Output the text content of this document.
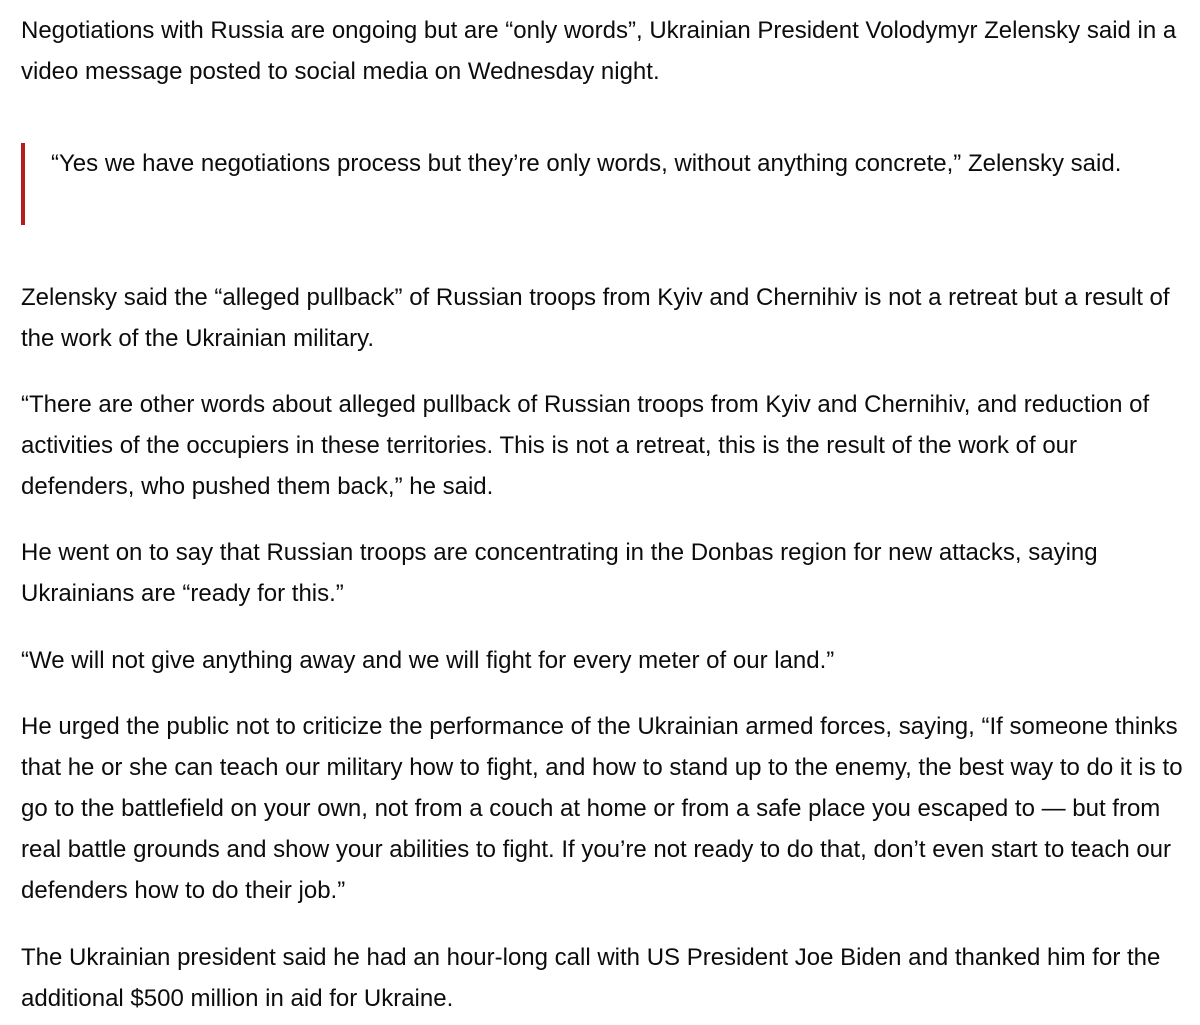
Negotiations with Russia are ongoing but are “only words”, Ukrainian President Volodymyr Zelensky said in a video message posted to social media on Wednesday night.

“Yes we have negotiations process but they’re only words, without anything concrete,” Zelensky said.

Zelensky said the “alleged pullback” of Russian troops from Kyiv and Chernihiv is not a retreat but a result of the work of the Ukrainian military.

“There are other words about alleged pullback of Russian troops from Kyiv and Chernihiv, and reduction of activities of the occupiers in these territories. This is not a retreat, this is the result of the work of our defenders, who pushed them back,” he said.

He went on to say that Russian troops are concentrating in the Donbas region for new attacks, saying Ukrainians are “ready for this.”

“We will not give anything away and we will fight for every meter of our land.”

He urged the public not to criticize the performance of the Ukrainian armed forces, saying, “If someone thinks that he or she can teach our military how to fight, and how to stand up to the enemy, the best way to do it is to go to the battlefield on your own, not from a couch at home or from a safe place you escaped to — but from real battle grounds and show your abilities to fight. If you’re not ready to do that, don’t even start to teach our defenders how to do their job.”

The Ukrainian president said he had an hour-long call with US President Joe Biden and thanked him for the additional $500 million in aid for Ukraine.
